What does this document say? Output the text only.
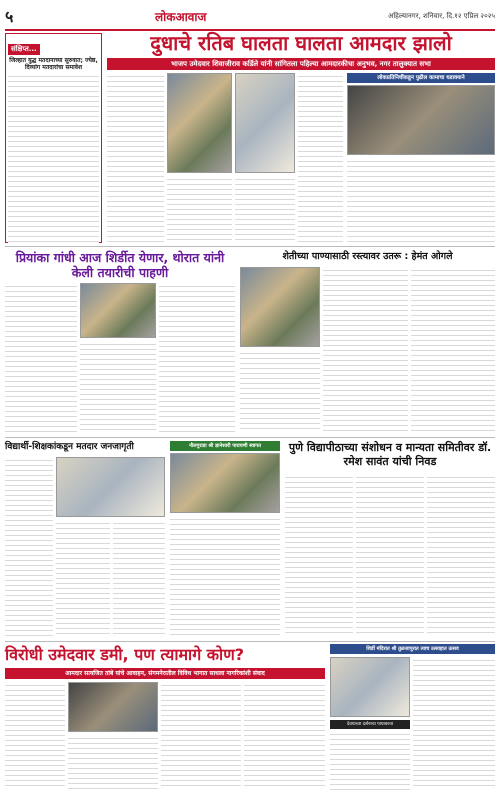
५	लोकआवाज	अहिल्यानगर, शनिवार, दि.१२ एप्रिल २०२५
संक्षिप्त...
जिल्हात युद्ध मतदानाच्या सुरुवात; ज्येष्ठ, दिव्यांग मतदारांचा समावेश
दुधाचे रतिब घालता घालता आमदार झालो
भाजप उमेदवार शिवाजीराव कर्डिले यांनी सांगितला पहिल्या आमदारकीचा अनुभव, नगर तालुक्यात सभा
लोकप्रतिनिधींकडून पुढील कामाचा धडाक्याने
प्रियांका गांधी आज शिर्डीत येणार, थोरात यांनी केली तयारीची पाहणी
शेतीच्या पाण्यासाठी रस्त्यावर उतरू : हेमंत ओगले
विद्यार्थी-शिक्षकांकडून मतदार जनजागृती	नौलगुराडा श्री ज्ञानेश्वरी पारायणी स्वागत	पुणे विद्यापीठाच्या संशोधन व मान्यता समितीवर डॉ. रमेश सावंत यांची निवड
विरोधी उमेदवार डमी, पण त्यामागे कोण?
आमदार सत्यजित तांबे यांचे आवाहन, संगमनेरातील विविध भागात साधला नागरिकांशी संवाद
शिर्डी मंदिरात श्री तुळजापुरात त्याच उत्साहात उत्सव
देवयाच्या दर्शनाचा पायावरचा
